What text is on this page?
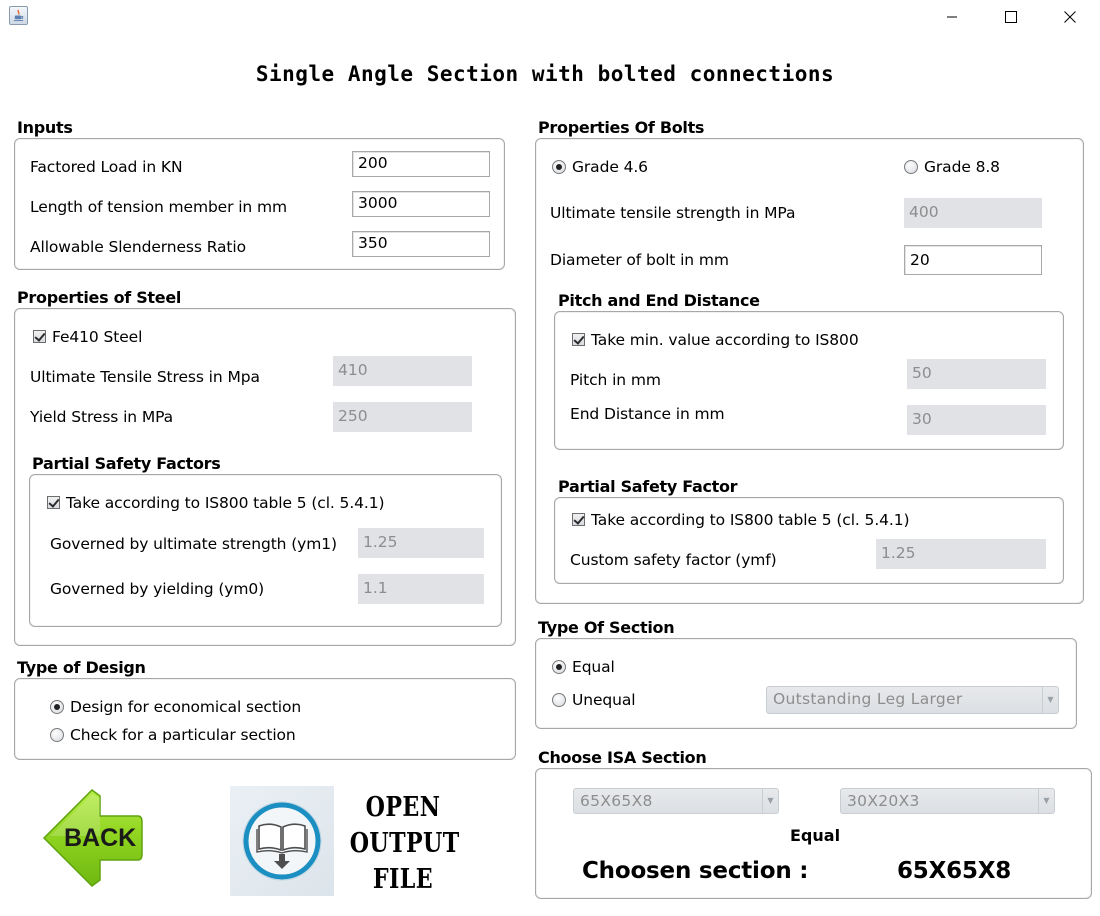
Single Angle Section with bolted connections
Inputs
Factored Load in KN	200
Length of tension member in mm	3000
Allowable Slenderness Ratio	350
Properties of Steel
Fe410 Steel
Ultimate Tensile Stress in Mpa	410
Yield Stress in MPa	250
Partial Safety Factors
Take according to IS800 table 5 (cl. 5.4.1)
Governed by ultimate strength (ym1)	1.25
Governed by yielding (ym0)	1.1
Type of Design
Design for economical section
Check for a particular section
BACK
OPEN
OUTPUT
FILE
Properties Of Bolts
Grade 4.6	Grade 8.8
Ultimate tensile strength in MPa	400
Diameter of bolt in mm	20
Pitch and End Distance
Take min. value according to IS800
Pitch in mm	50
End Distance in mm	30
Partial Safety Factor
Take according to IS800 table 5 (cl. 5.4.1)
Custom safety factor (ymf)	1.25
Type Of Section
Equal
Unequal	Outstanding Leg Larger	▼
Choose ISA Section
65X65X8	▼	30X20X3	▼
Equal
Choosen section :	65X65X8
